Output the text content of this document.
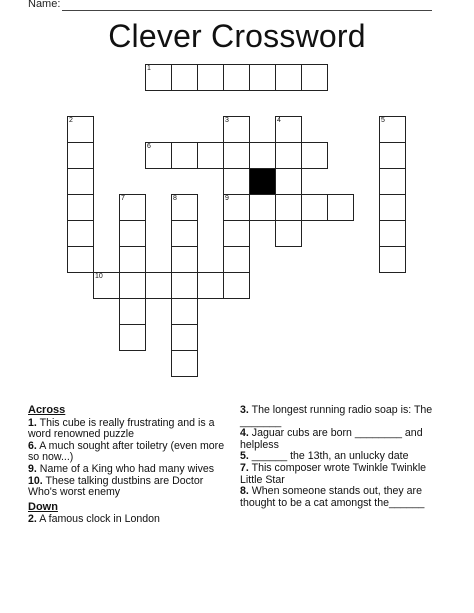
Name:
Clever Crossword
1
2	3	4	5
6
7	8	9
10
Across
1. This cube is really frustrating and is a word renowned puzzle
6. A much sought after toiletry (even more so now...)
9. Name of a King who had many wives
10. These talking dustbins are Doctor Who's worst enemy
Down
2. A famous clock in London
3. The longest running radio soap is: The _______
4. Jaguar cubs are born ________ and helpless
5. ______ the 13th, an unlucky date
7. This composer wrote Twinkle Twinkle Little Star
8. When someone stands out, they are thought to be a cat amongst the______
